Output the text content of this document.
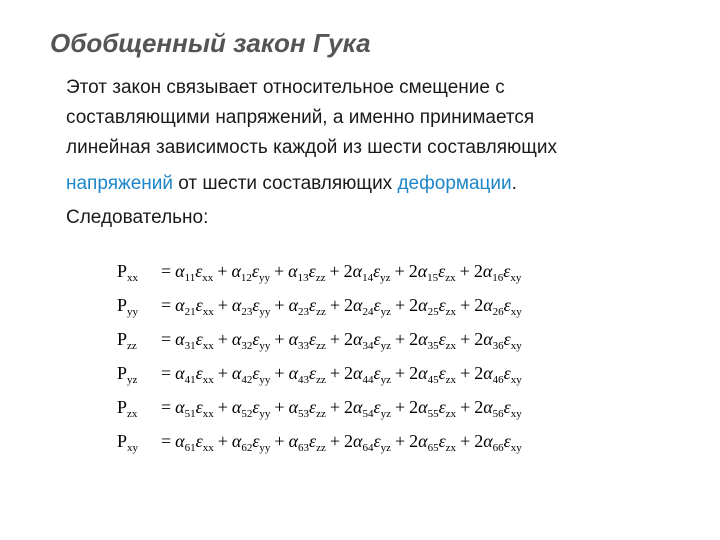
Обобщенный закон Гука
Этот закон связывает относительное смещение с
составляющими напряжений, а именно принимается
линейная зависимость каждой из шести составляющих
напряжений от шести составляющих деформации.
Следовательно:
$P_{xx} = \alpha_{11}\varepsilon_{xx} + \alpha_{12}\varepsilon_{yy} + \alpha_{13}\varepsilon_{zz} + 2\alpha_{14}\varepsilon_{yz} + 2\alpha_{15}\varepsilon_{zx} + 2\alpha_{16}\varepsilon_{xy}$
$P_{yy} = \alpha_{21}\varepsilon_{xx} + \alpha_{23}\varepsilon_{yy} + \alpha_{23}\varepsilon_{zz} + 2\alpha_{24}\varepsilon_{yz} + 2\alpha_{25}\varepsilon_{zx} + 2\alpha_{26}\varepsilon_{xy}$
$P_{zz} = \alpha_{31}\varepsilon_{xx} + \alpha_{32}\varepsilon_{yy} + \alpha_{33}\varepsilon_{zz} + 2\alpha_{34}\varepsilon_{yz} + 2\alpha_{35}\varepsilon_{zx} + 2\alpha_{36}\varepsilon_{xy}$
$P_{yz} = \alpha_{41}\varepsilon_{xx} + \alpha_{42}\varepsilon_{yy} + \alpha_{43}\varepsilon_{zz} + 2\alpha_{44}\varepsilon_{yz} + 2\alpha_{45}\varepsilon_{zx} + 2\alpha_{46}\varepsilon_{xy}$
$P_{zx} = \alpha_{51}\varepsilon_{xx} + \alpha_{52}\varepsilon_{yy} + \alpha_{53}\varepsilon_{zz} + 2\alpha_{54}\varepsilon_{yz} + 2\alpha_{55}\varepsilon_{zx} + 2\alpha_{56}\varepsilon_{xy}$
$P_{xy} = \alpha_{61}\varepsilon_{xx} + \alpha_{62}\varepsilon_{yy} + \alpha_{63}\varepsilon_{zz} + 2\alpha_{64}\varepsilon_{yz} + 2\alpha_{65}\varepsilon_{zx} + 2\alpha_{66}\varepsilon_{xy}$
